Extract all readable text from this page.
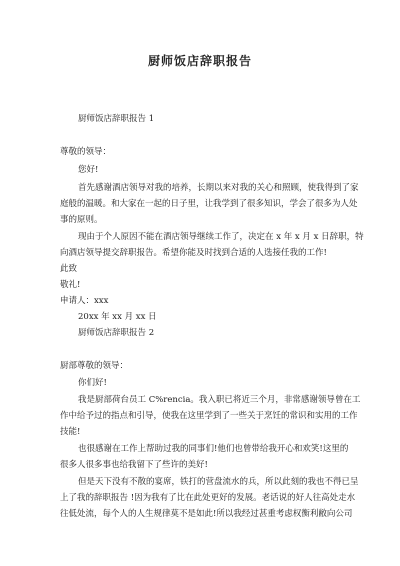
厨师饭店辞职报告
厨师饭店辞职报告 1
尊敬的领导：
您好!
首先感谢酒店领导对我的培养，长期以来对我的关心和照顾，使我得到了家
庭般的温暖。和大家在一起的日子里，让我学到了很多知识，学会了很多为人处
事的原则。
现由于个人原因不能在酒店领导继续工作了，决定在 x 年 x 月 x 日辞职，特
向酒店领导提交辞职报告。希望你能及时找到合适的人选接任我的工作!
此致
敬礼!
申请人：xxx
20xx 年 xx 月 xx 日
厨师饭店辞职报告 2
厨部尊敬的领导：
你们好!
我是厨部荷台员工 C%rencia。我入职已将近三个月，非常感谢领导曾在工
作中给予过的指点和引导，使我在这里学到了一些关于烹饪的常识和实用的工作
技能!
也很感谢在工作上帮助过我的同事们!他们也曾带给我开心和欢笑!这里的
很多人很多事也给我留下了些许的美好!
但是天下没有不散的宴席，铁打的营盘流水的兵，所以此刻的我也不得已呈
上了我的辞职报告 !因为我有了比在此处更好的发展。老话说的好人往高处走水
往低处流，每个人的人生规律莫不是如此!所以我经过甚重考虑权衡利敝向公司
